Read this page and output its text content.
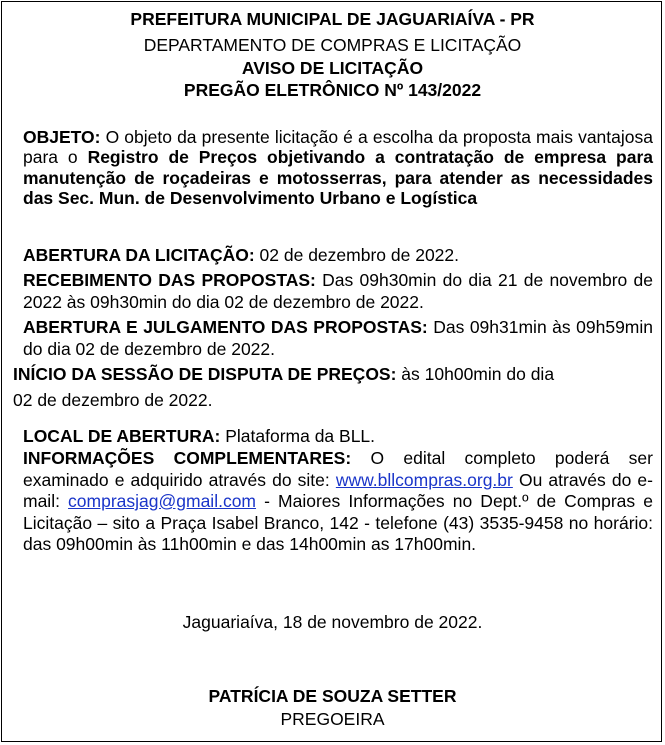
PREFEITURA MUNICIPAL DE JAGUARIAÍVA - PR
DEPARTAMENTO DE COMPRAS E LICITAÇÃO
AVISO DE LICITAÇÃO
PREGÃO ELETRÔNICO Nº 143/2022
OBJETO: O objeto da presente licitação é a escolha da proposta mais vantajosa para o Registro de Preços objetivando a contratação de empresa para manutenção de roçadeiras e motosserras, para atender as necessidades das Sec. Mun. de Desenvolvimento Urbano e Logística
ABERTURA DA LICITAÇÃO: 02 de dezembro de 2022.
RECEBIMENTO DAS PROPOSTAS: Das 09h30min do dia 21 de novembro de 2022 às 09h30min do dia 02 de dezembro de 2022.
ABERTURA E JULGAMENTO DAS PROPOSTAS: Das 09h31min às 09h59min do dia 02 de dezembro de 2022.
INÍCIO DA SESSÃO DE DISPUTA DE PREÇOS: às 10h00min do dia
02 de dezembro de 2022.
LOCAL DE ABERTURA: Plataforma da BLL.
INFORMAÇÕES COMPLEMENTARES: O edital completo poderá ser examinado e adquirido através do site: www.bllcompras.org.br Ou através do e-mail: comprasjag@gmail.com - Maiores Informações no Dept.º de Compras e Licitação – sito a Praça Isabel Branco, 142 - telefone (43) 3535-9458 no horário: das 09h00min às 11h00min e das 14h00min as 17h00min.
Jaguariaíva, 18 de novembro de 2022.
PATRÍCIA DE SOUZA SETTER
PREGOEIRA
